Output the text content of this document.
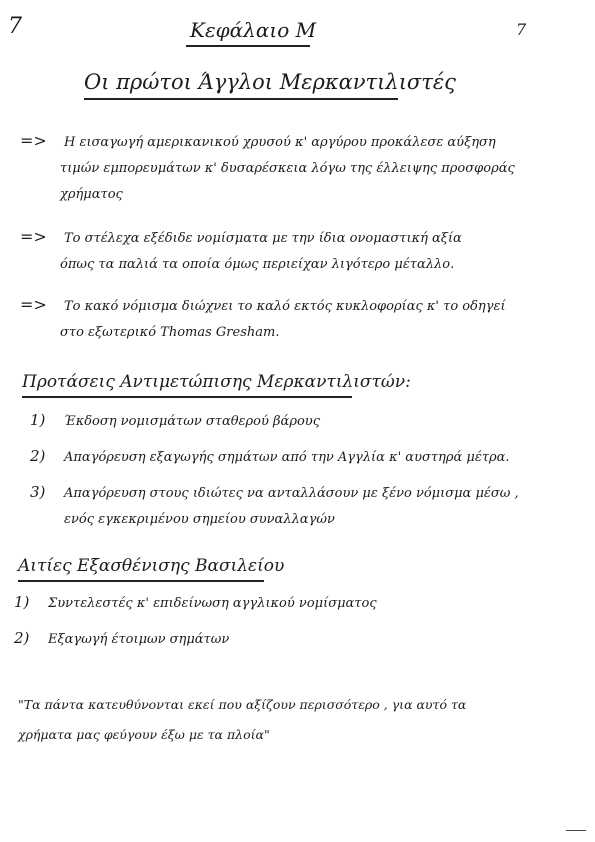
7	Κεφάλαιο Μ	7
Οι πρώτοι Άγγλοι Μερκαντιλιστές
=> Η εισαγωγή αμερικανικού χρυσού κ' αργύρου προκάλεσε αύξηση
τιμών εμπορευμάτων κ' δυσαρέσκεια λόγω της έλλειψης προσφοράς
χρήματος
=> Το στέλεχα εξέδιδε νομίσματα με την ίδια ονομαστική αξία
όπως τα παλιά τα οποία όμως περιείχαν λιγότερο μέταλλο.
=> Το κακό νόμισμα διώχνει το καλό εκτός κυκλοφορίας κ' το οδηγεί
στο εξωτερικό Thomas Gresham.
Προτάσεις Αντιμετώπισης Μερκαντιλιστών:
1) Έκδοση νομισμάτων σταθερού βάρους
2) Απαγόρευση εξαγωγής σημάτων από την Αγγλία κ' αυστηρά μέτρα.
3) Απαγόρευση στους ιδιώτες να ανταλλάσουν με ξένο νόμισμα μέσω ,
ενός εγκεκριμένου σημείου συναλλαγών
Αιτίες Εξασθένισης Βασιλείου
1) Συντελεστές κ' επιδείνωση αγγλικού νομίσματος
2) Εξαγωγή έτοιμων σημάτων
"Τα πάντα κατευθύνονται εκεί που αξίζουν περισσότερο , για αυτό τα
χρήματα μας φεύγουν έξω με τα πλοία"
